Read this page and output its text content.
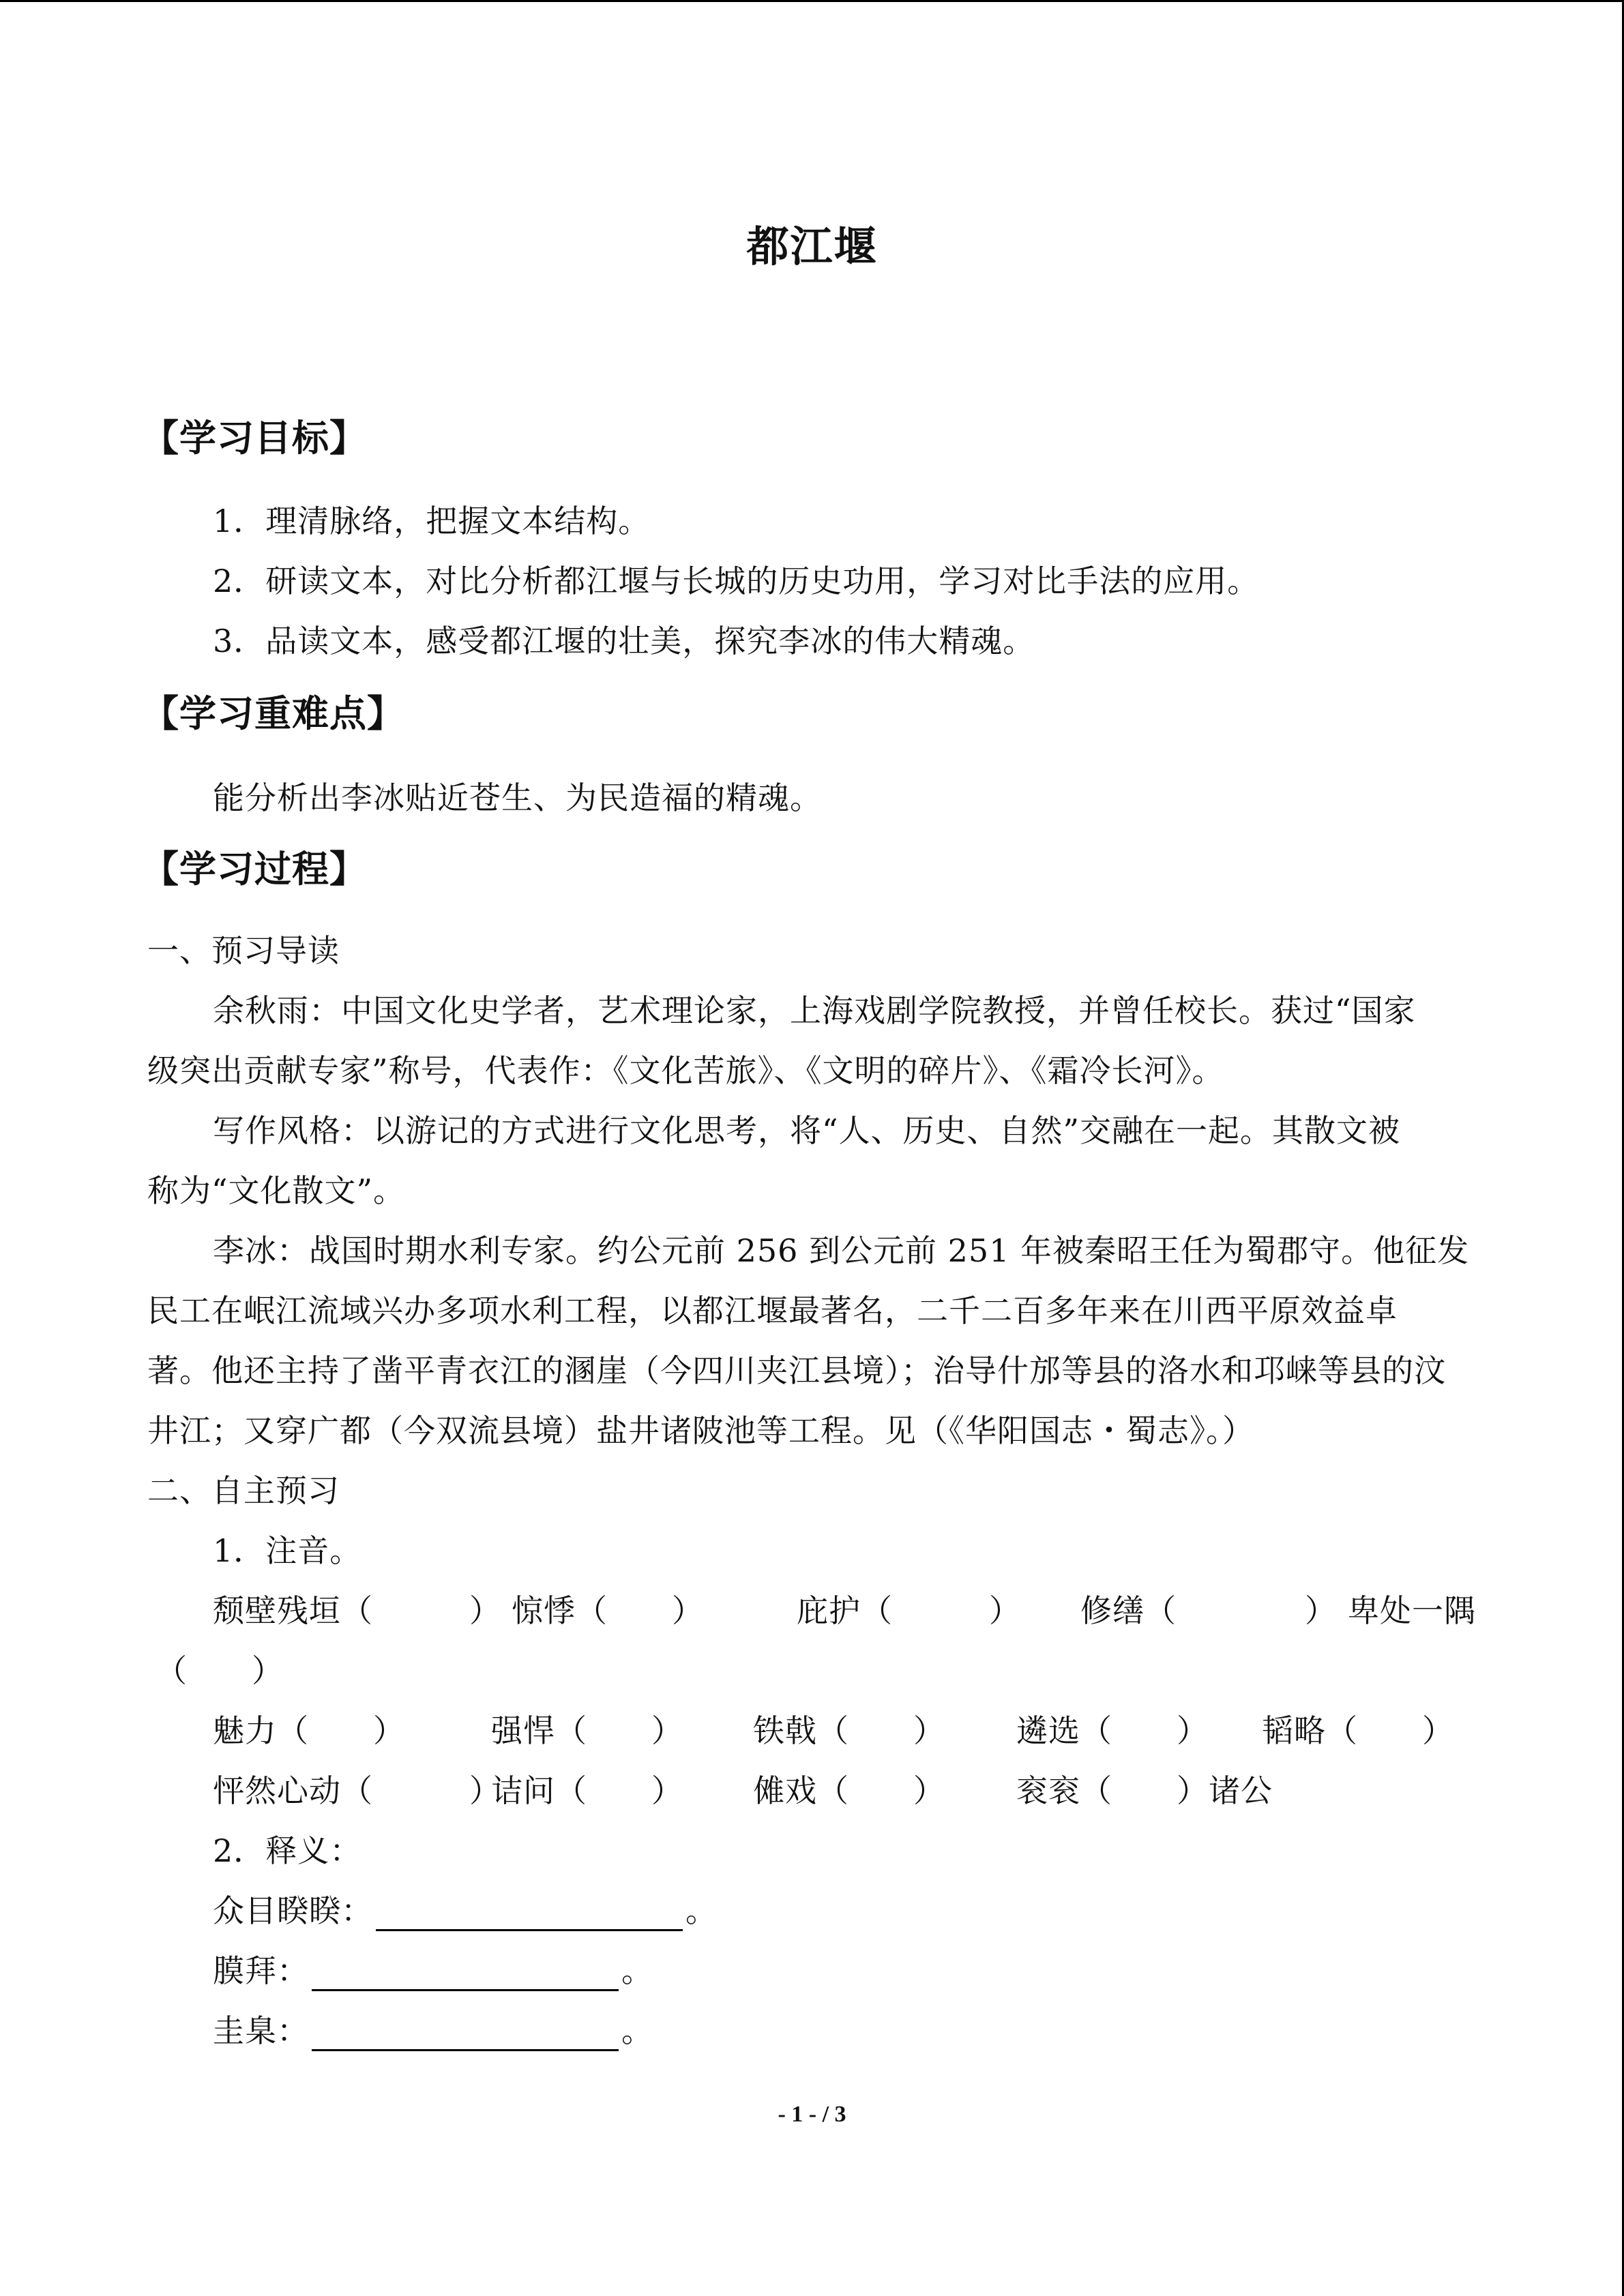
都江堰
【学习目标】
1．理清脉络，把握文本结构。
2．研读文本，对比分析都江堰与长城的历史功用，学习对比手法的应用。
3．品读文本，感受都江堰的壮美，探究李冰的伟大精魂。
【学习重难点】
能分析出李冰贴近苍生、为民造福的精魂。
【学习过程】
一、预习导读
余秋雨：中国文化史学者，艺术理论家，上海戏剧学院教授，并曾任校长。获过“国家
级突出贡献专家”称号，代表作：《文化苦旅》、《文明的碎片》、《霜冷长河》。
写作风格：以游记的方式进行文化思考，将“人、历史、自然”交融在一起。其散文被
称为“文化散文”。
李冰：战国时期水利专家。约公元前 256 到公元前 251 年被秦昭王任为蜀郡守。他征发
民工在岷江流域兴办多项水利工程，以都江堰最著名，二千二百多年来在川西平原效益卓
著。他还主持了凿平青衣江的溷崖（今四川夹江县境）；治导什邡等县的洛水和邛崃等县的汶
井江；又穿广都（今双流县境）盐井诸陂池等工程。见（《华阳国志・蜀志》。）
二、自主预习
1．注音。
颓壁残垣（　　　） 惊悸（　　）	庇护（　　　） 修缮（　　　　） 卑处一隅
（　　）
魅力（　　）	强悍（　　） 铁戟（　　） 遴选（　　） 韬略（　　）
怦然心动（　　　）
诘问（　　） 傩戏（　　） 衮衮（　　）诸公
2．释义：
众目睽睽：	。
膜拜：	。
圭臬：	。
- 1 - / 3
